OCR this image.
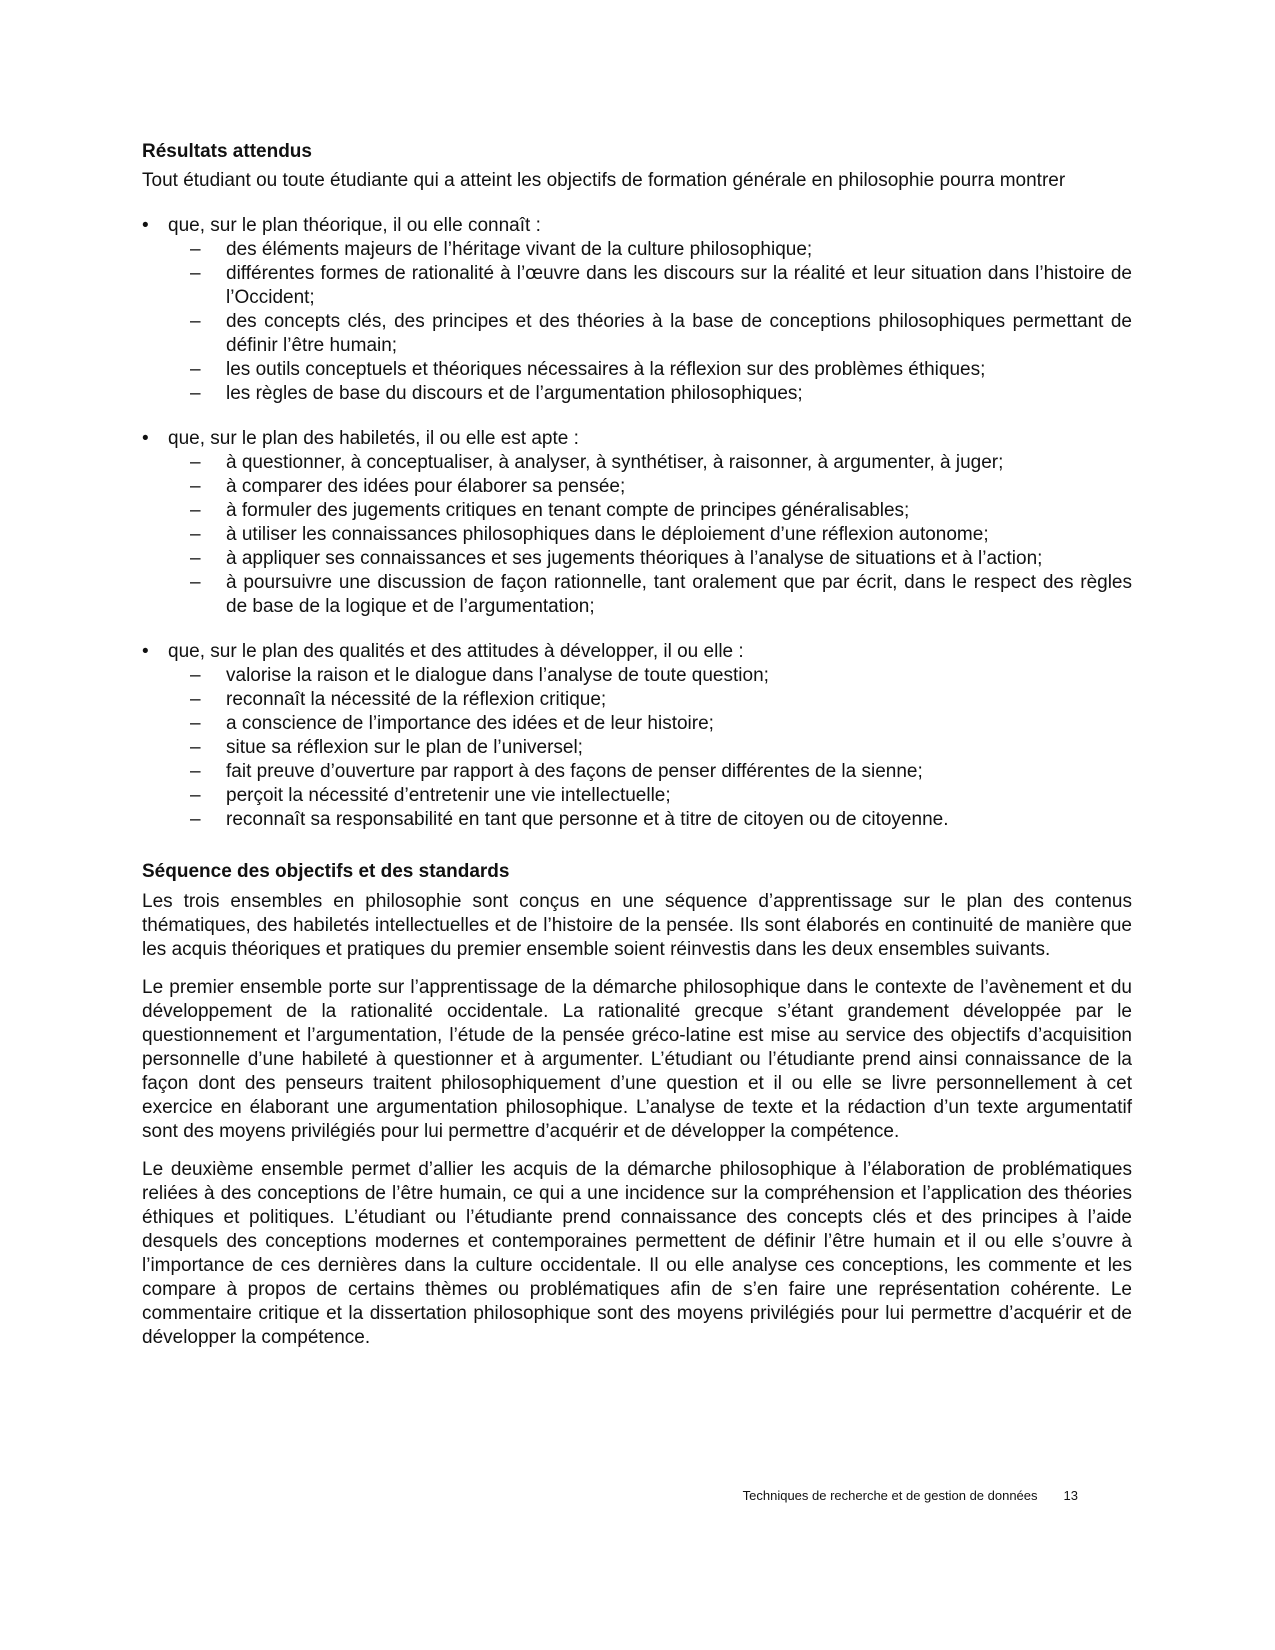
Résultats attendus

Tout étudiant ou toute étudiante qui a atteint les objectifs de formation générale en philosophie pourra montrer

•	que, sur le plan théorique, il ou elle connaît :
–	des éléments majeurs de l’héritage vivant de la culture philosophique;
–	différentes formes de rationalité à l’œuvre dans les discours sur la réalité et leur situation dans l’histoire de l’Occident;
–	des concepts clés, des principes et des théories à la base de conceptions philosophiques permettant de définir l’être humain;
–	les outils conceptuels et théoriques nécessaires à la réflexion sur des problèmes éthiques;
–	les règles de base du discours et de l’argumentation philosophiques;
•	que, sur le plan des habiletés, il ou elle est apte :
–	à questionner, à conceptualiser, à analyser, à synthétiser, à raisonner, à argumenter, à juger;
–	à comparer des idées pour élaborer sa pensée;
–	à formuler des jugements critiques en tenant compte de principes généralisables;
–	à utiliser les connaissances philosophiques dans le déploiement d’une réflexion autonome;
–	à appliquer ses connaissances et ses jugements théoriques à l’analyse de situations et à l’action;
–	à poursuivre une discussion de façon rationnelle, tant oralement que par écrit, dans le respect des règles de base de la logique et de l’argumentation;
•	que, sur le plan des qualités et des attitudes à développer, il ou elle :
–	valorise la raison et le dialogue dans l’analyse de toute question;
–	reconnaît la nécessité de la réflexion critique;
–	a conscience de l’importance des idées et de leur histoire;
–	situe sa réflexion sur le plan de l’universel;
–	fait preuve d’ouverture par rapport à des façons de penser différentes de la sienne;
–	perçoit la nécessité d’entretenir une vie intellectuelle;
–	reconnaît sa responsabilité en tant que personne et à titre de citoyen ou de citoyenne.
Séquence des objectifs et des standards

Les trois ensembles en philosophie sont conçus en une séquence d’apprentissage sur le plan des contenus thématiques, des habiletés intellectuelles et de l’histoire de la pensée. Ils sont élaborés en continuité de manière que les acquis théoriques et pratiques du premier ensemble soient réinvestis dans les deux ensembles suivants.

Le premier ensemble porte sur l’apprentissage de la démarche philosophique dans le contexte de l’avènement et du développement de la rationalité occidentale. La rationalité grecque s’étant grandement développée par le questionnement et l’argumentation, l’étude de la pensée gréco-latine est mise au service des objectifs d’acquisition personnelle d’une habileté à questionner et à argumenter. L’étudiant ou l’étudiante prend ainsi connaissance de la façon dont des penseurs traitent philosophiquement d’une question et il ou elle se livre personnellement à cet exercice en élaborant une argumentation philosophique. L’analyse de texte et la rédaction d’un texte argumentatif sont des moyens privilégiés pour lui permettre d’acquérir et de développer la compétence.

Le deuxième ensemble permet d’allier les acquis de la démarche philosophique à l’élaboration de problématiques reliées à des conceptions de l’être humain, ce qui a une incidence sur la compréhension et l’application des théories éthiques et politiques. L’étudiant ou l’étudiante prend connaissance des concepts clés et des principes à l’aide desquels des conceptions modernes et contemporaines permettent de définir l’être humain et il ou elle s’ouvre à l’importance de ces dernières dans la culture occidentale. Il ou elle analyse ces conceptions, les commente et les compare à propos de certains thèmes ou problématiques afin de s’en faire une représentation cohérente. Le commentaire critique et la dissertation philosophique sont des moyens privilégiés pour lui permettre d’acquérir et de développer la compétence.

Techniques de recherche et de gestion de données 13
